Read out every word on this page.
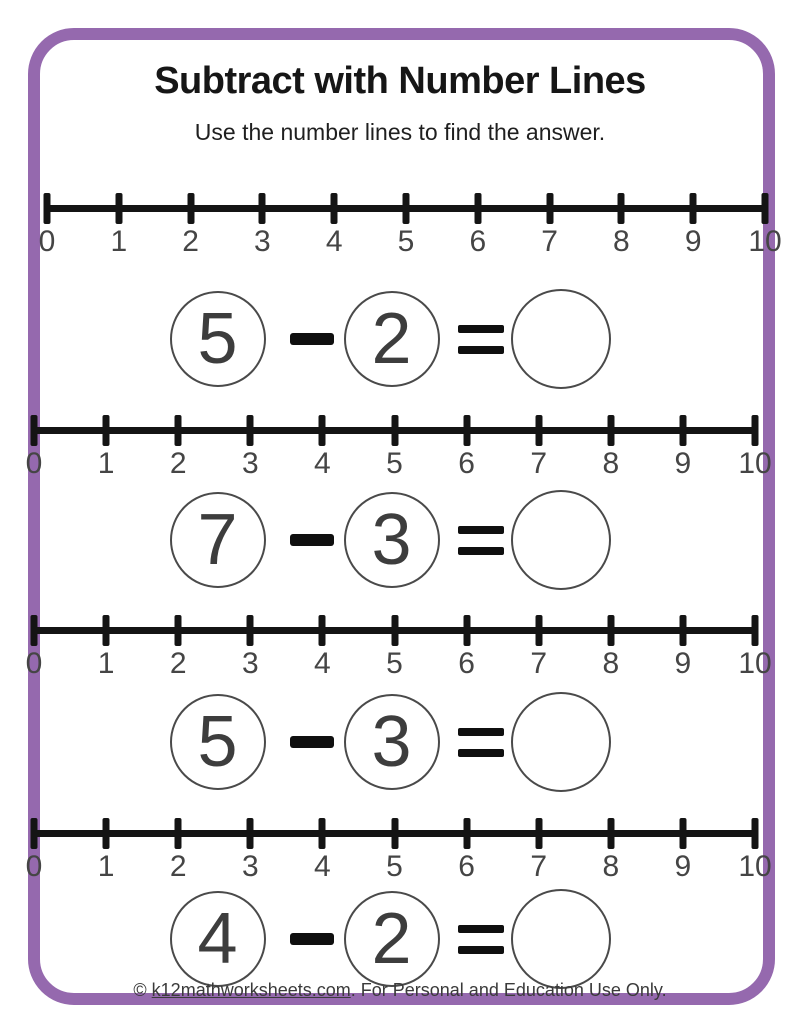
Subtract with Number Lines
Use the number lines to find the answer.
0 1 2 3 4 5 6 7 8 9 10
5 2
0 1 2 3 4 5 6 7 8 9 10
7 3
0 1 2 3 4 5 6 7 8 9 10
5 3
0 1 2 3 4 5 6 7 8 9 10
4 2
© k12mathworksheets.com. For Personal and Education Use Only.
